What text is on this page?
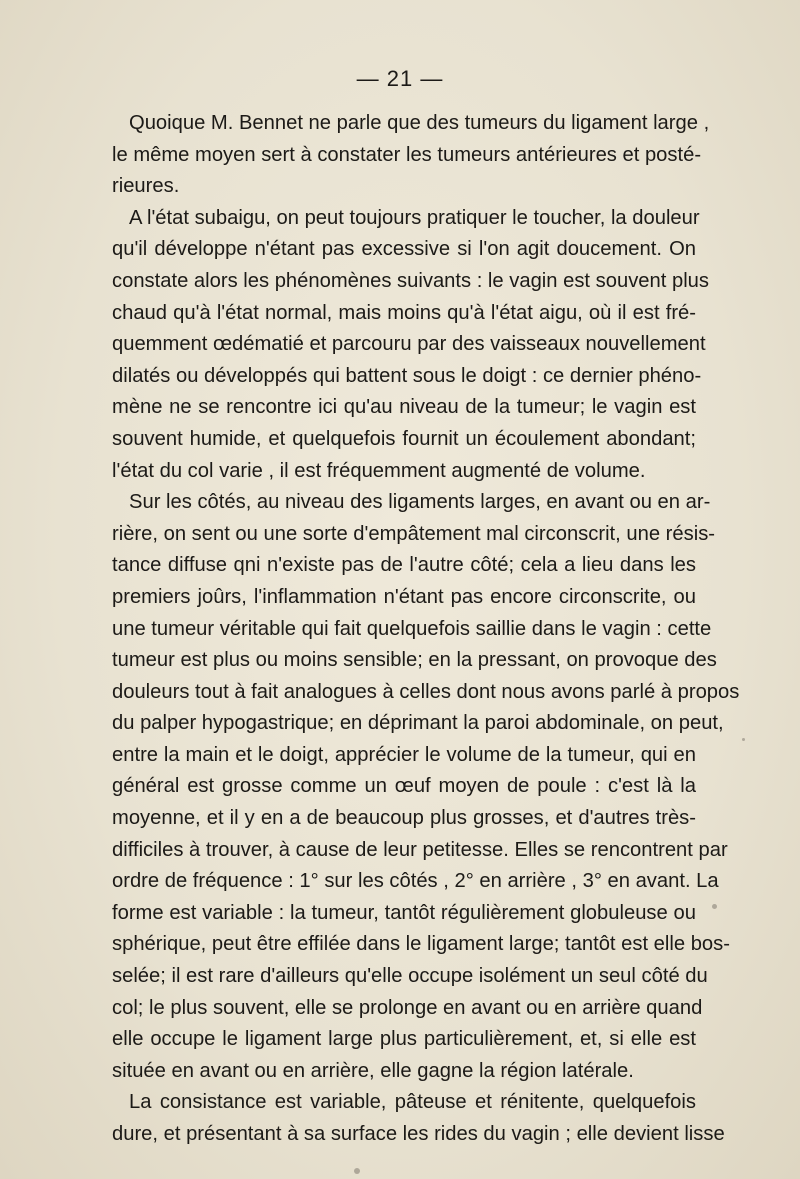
— 21 —
Quoique M. Bennet ne parle que des tumeurs du ligament large ,
le même moyen sert à constater les tumeurs antérieures et posté-
rieures.
A l'état subaigu, on peut toujours pratiquer le toucher, la douleur
qu'il développe n'étant pas excessive si l'on agit doucement. On
constate alors les phénomènes suivants : le vagin est souvent plus
chaud qu'à l'état normal, mais moins qu'à l'état aigu, où il est fré-
quemment œdématié et parcouru par des vaisseaux nouvellement
dilatés ou développés qui battent sous le doigt : ce dernier phéno-
mène ne se rencontre ici qu'au niveau de la tumeur; le vagin est
souvent humide, et quelquefois fournit un écoulement abondant;
l'état du col varie , il est fréquemment augmenté de volume.
Sur les côtés, au niveau des ligaments larges, en avant ou en ar-
rière, on sent ou une sorte d'empâtement mal circonscrit, une résis-
tance diffuse qni n'existe pas de l'autre côté; cela a lieu dans les
premiers joûrs, l'inflammation n'étant pas encore circonscrite, ou
une tumeur véritable qui fait quelquefois saillie dans le vagin : cette
tumeur est plus ou moins sensible; en la pressant, on provoque des
douleurs tout à fait analogues à celles dont nous avons parlé à propos
du palper hypogastrique; en déprimant la paroi abdominale, on peut,
entre la main et le doigt, apprécier le volume de la tumeur, qui en
général est grosse comme un œuf moyen de poule : c'est là la
moyenne, et il y en a de beaucoup plus grosses, et d'autres très-
difficiles à trouver, à cause de leur petitesse. Elles se rencontrent par
ordre de fréquence : 1° sur les côtés , 2° en arrière , 3° en avant. La
forme est variable : la tumeur, tantôt régulièrement globuleuse ou
sphérique, peut être effilée dans le ligament large; tantôt est elle bos-
selée; il est rare d'ailleurs qu'elle occupe isolément un seul côté du
col; le plus souvent, elle se prolonge en avant ou en arrière quand
elle occupe le ligament large plus particulièrement, et, si elle est
située en avant ou en arrière, elle gagne la région latérale.
La consistance est variable, pâteuse et rénitente, quelquefois
dure, et présentant à sa surface les rides du vagin ; elle devient lisse
